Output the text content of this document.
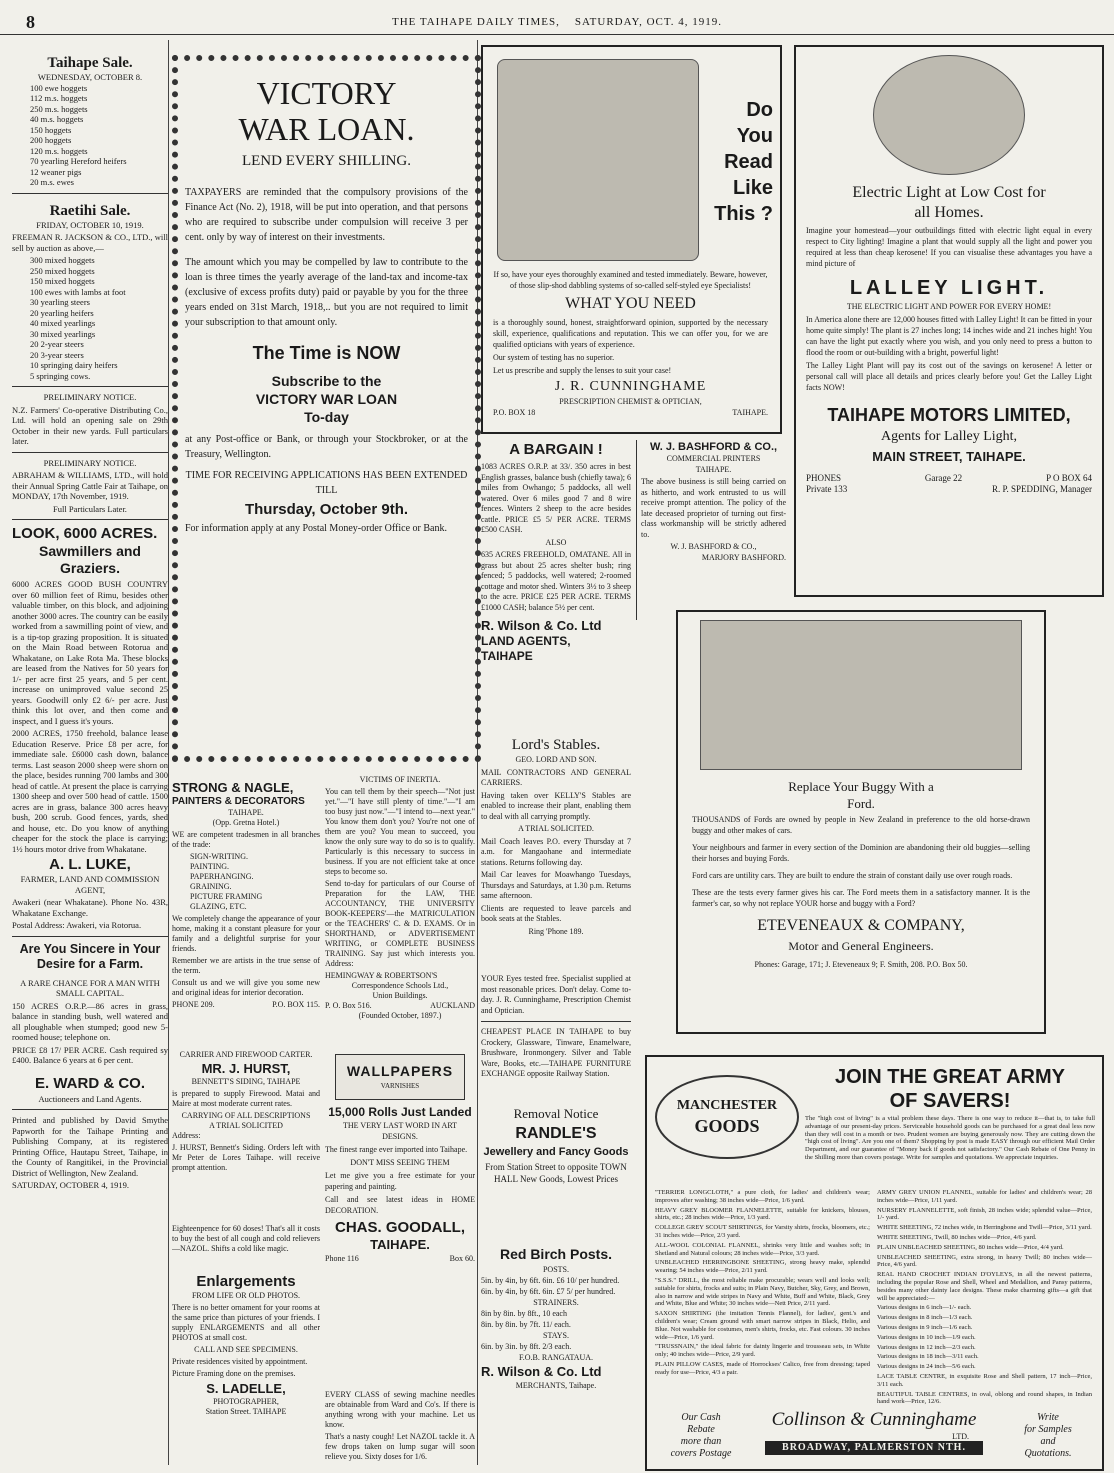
8	THE TAIHAPE DAILY TIMES, SATURDAY, OCT. 4, 1919.
Taihape Sale.
WEDNESDAY, OCTOBER 8.
100 ewe hoggets
112 m.s. hoggets
250 m.s. hoggets
40 m.s. hoggets
150 hoggets
200 hoggets
120 m.s. hoggets
70 yearling Hereford heifers
12 weaner pigs
20 m.s. ewes
Raetihi Sale.
FRIDAY, OCTOBER 10, 1919.

FREEMAN R. JACKSON & CO., LTD., will sell by auction as above,—

300 mixed hoggets
250 mixed hoggets
150 mixed hoggets
100 ewes with lambs at foot
30 yearling steers
20 yearling heifers
40 mixed yearlings
30 mixed yearlings
20 2-year steers
20 3-year steers
10 springing dairy heifers
5 springing cows.
PRELIMINARY NOTICE.

N.Z. Farmers' Co-operative Distributing Co., Ltd. will hold an opening sale on 29th October in their new yards. Full particulars later.

PRELIMINARY NOTICE.

ABRAHAM & WILLIAMS, LTD., will hold their Annual Spring Cattle Fair at Taihape, on MONDAY, 17th November, 1919.

Full Particulars Later.
LOOK, 6000 ACRES.
Sawmillers and Graziers.

6000 ACRES GOOD BUSH COUNTRY over 60 million feet of Rimu, besides other valuable timber, on this block, and adjoining another 3000 acres. The country can be easily worked from a sawmilling point of view, and is a tip-top grazing proposition. It is situated on the Main Road between Rotorua and Whakatane, on Lake Rota Ma. These blocks are leased from the Natives for 50 years for 1/- per acre first 25 years, and 5 per cent. increase on unimproved value second 25 years. Goodwill only £2 6/- per acre. Just think this lot over, and then come and inspect, and I guess it's yours.

2000 ACRES, 1750 freehold, balance lease Education Reserve. Price £8 per acre, for immediate sale. £6000 cash down, balance terms. Last season 2000 sheep were shorn on the place, besides running 700 lambs and 300 head of cattle. At present the place is carrying 1300 sheep and over 500 head of cattle. 1500 acres are in grass, balance 300 acres heavy bush, 200 scrub. Good fences, yards, shed and house, etc. Do you know of anything cheaper for the stock the place is carrying; 1½ hours motor drive from Whakatane.

A. L. LUKE,
FARMER, LAND AND COMMISSION AGENT,

Awakeri (near Whakatane). Phone No. 43R, Whakatane Exchange.

Postal Address: Awakeri, via Rotorua.

Are You Sincere in Your Desire for a Farm.
A RARE CHANCE FOR A MAN WITH SMALL CAPITAL.

150 ACRES O.R.P.—86 acres in grass, balance in standing bush, well watered and all ploughable when stumped; good new 5-roomed house; telephone on.

PRICE £8 17/ PER ACRE. Cash required sy £400. Balance 6 years at 6 per cent.

E. WARD & CO.
Auctioneers and Land Agents.

Printed and published by David Smythe Papworth for the Taihape Printing and Publishing Company, at its registered Printing Office, Hautapu Street, Taihape, in the County of Rangitikei, in the Provincial District of Wellington, New Zealand.

SATURDAY, OCTOBER 4, 1919.

VICTORY
WAR LOAN.
LEND EVERY SHILLING.

TAXPAYERS are reminded that the compulsory provisions of the Finance Act (No. 2), 1918, will be put into operation, and that persons who are required to subscribe under compulsion will receive 3 per cent. only by way of interest on their investments.

The amount which you may be compelled by law to contribute to the loan is three times the yearly average of the land-tax and income-tax (exclusive of excess profits duty) paid or payable by you for the three years ended on 31st March, 1918,.. but you are not required to limit your subscription to that amount only.

The Time is NOW
Subscribe to the
VICTORY WAR LOAN
To-day

at any Post-office or Bank, or through your Stockbroker, or at the Treasury, Wellington.

TIME FOR RECEIVING APPLICATIONS HAS BEEN EXTENDED TILL

Thursday, October 9th.

For information apply at any Postal Money-order Office or Bank.

STRONG & NAGLE,
PAINTERS & DECORATORS
TAIHAPE.
(Opp. Gretna Hotel.)

WE are competent tradesmen in all branches of the trade:

SIGN-WRITING.
PAINTING.
PAPERHANGING.
GRAINING.
PICTURE FRAMING
GLAZING, ETC.

We completely change the appearance of your home, making it a constant pleasure for your family and a delightful surprise for your friends.

Remember we are artists in the true sense of the term.

Consult us and we will give you some new and original ideas for interior decoration.

PHONE 209.	P.O. BOX 115.
VICTIMS OF INERTIA.

You can tell them by their speech—"Not just yet."—"I have still plenty of time."—"I am too busy just now."—"I intend to—next year." You know them don't you? You're not one of them are you? You mean to succeed, you know the only sure way to do so is to qualify. Particularly is this necessary to success in business. If you are not efficient take at once steps to become so.

Send to-day for particulars of our Course of Preparation for the LAW, THE ACCOUNTANCY, THE UNIVERSITY BOOK-KEEPERS'—the MATRICULATION or the TEACHERS' C. & D. EXAMS. Or in SHORTHAND, or ADVERTISEMENT WRITING, or COMPLETE BUSINESS TRAINING. Say just which interests you. Address:

HEMINGWAY & ROBERTSON'S
Correspondence Schools Ltd.,
Union Buildings.
P. O. Box 516.	AUCKLAND
(Founded October, 1897.)
CARRIER AND FIREWOOD CARTER.
MR. J. HURST,
BENNETT'S SIDING, TAIHAPE

is prepared to supply Firewood. Matai and Maire at most moderate current rates.

CARRYING OF ALL DESCRIPTIONS
A TRIAL SOLICITED
Address:

J. HURST, Bennett's Siding. Orders left with Mr Peter de Lores Taihape. will receive prompt attention.

Eighteenpence for 60 doses! That's all it costs to buy the best of all cough and cold relievers—NAZOL. Shifts a cold like magic.

Enlargements
FROM LIFE OR OLD PHOTOS.

There is no better ornament for your rooms at the same price than pictures of your friends. I supply ENLARGEMENTS and all other PHOTOS at small cost.

CALL AND SEE SPECIMENS.

Private residences visited by appointment.

Picture Framing done on the premises.

S. LADELLE,
PHOTOGRAPHER,
Station Street. TAIHAPE
WALLPAPERS
VARNISHES
15,000 Rolls Just Landed
THE VERY LAST WORD IN ART DESIGNS.

The finest range ever imported into Taihape.

DON'T MISS SEEING THEM

Let me give you a free estimate for your papering and painting.

Call and see latest ideas in HOME DECORATION.

CHAS. GOODALL,
TAIHAPE.
Phone 116	Box 60.

EVERY CLASS of sewing machine needles are obtainable from Ward and Co's. If there is anything wrong with your machine. Let us know.

That's a nasty cough! Let NAZOL tackle it. A few drops taken on lump sugar will soon relieve you. Sixty doses for 1/6.

Do
You
Read
Like This ?

If so, have your eyes thoroughly examined and tested immediately. Beware, however, of those slip-shod dabbling systems of so-called self-styled eye Specialists!

WHAT YOU NEED

is a thoroughly sound, honest, straightforward opinion, supported by the necessary skill, experience, qualifications and reputation. This we can offer you, for we are qualified opticians with years of experience.

Our system of testing has no superior.

Let us prescribe and supply the lenses to suit your case!

J. R. CUNNINGHAME
PRESCRIPTION CHEMIST & OPTICIAN,
P.O. BOX 18	TAIHAPE.
Electric Light at Low Cost for
all Homes.

Imagine your homestead—your outbuildings fitted with electric light equal in every respect to City lighting! Imagine a plant that would supply all the light and power you required at less than cheap kerosene! If you can visualise these advantages you have a mind picture of

LALLEY LIGHT.
THE ELECTRIC LIGHT AND POWER FOR EVERY HOME!

In America alone there are 12,000 houses fitted with Lalley Light! It can be fitted in your home quite simply! The plant is 27 inches long; 14 inches wide and 21 inches high! You can have the light put exactly where you wish, and you only need to press a button to flood the room or out-building with a bright, powerful light!

The Lalley Light Plant will pay its cost out of the savings on kerosene! A letter or personal call will place all details and prices clearly before you! Get the Lalley Light facts NOW!

TAIHAPE MOTORS LIMITED,
Agents for Lalley Light,
MAIN STREET, TAIHAPE.
PHONES	Garage 22	P O BOX 64
Private 133	R. P. SPEDDING, Manager
A BARGAIN !

1083 ACRES O.R.P. at 33/. 350 acres in best English grasses, balance bush (chiefly tawa); 6 miles from Owhango; 5 paddocks, all well watered. Over 6 miles good 7 and 8 wire fences. Winters 2 sheep to the acre besides cattle. PRICE £5 5/ PER ACRE. TERMS £500 CASH.

ALSO

635 ACRES FREEHOLD, OMATANE. All in grass but about 25 acres shelter bush; ring fenced; 5 paddocks, well watered; 2-roomed cottage and motor shed. Winters 3½ to 3 sheep to the acre. PRICE £25 PER ACRE. TERMS £1000 CASH; balance 5½ per cent.

R. Wilson & Co. Ltd
LAND AGENTS,
TAIHAPE
W. J. BASHFORD & CO.,
COMMERCIAL PRINTERS
TAIHAPE.

The above business is still being carried on as hitherto, and work entrusted to us will receive prompt attention. The policy of the late deceased proprietor of turning out first-class workmanship will be strictly adhered to.

W. J. BASHFORD & CO.,
MARJORY BASHFORD.
Replace Your Buggy With a
Ford.

THOUSANDS of Fords are owned by people in New Zealand in preference to the old horse-drawn buggy and other makes of cars.

Your neighbours and farmer in every section of the Dominion are abandoning their old buggies—selling their horses and buying Fords.

Ford cars are untility cars. They are built to endure the strain of constant daily use over rough roads.

These are the tests every farmer gives his car. The Ford meets them in a satisfactory manner. It is the farmer's car, so why not replace YOUR horse and buggy with a Ford?

ETEVENEAUX & COMPANY,
Motor and General Engineers.
Phones: Garage, 171; J. Eteveneaux 9; F. Smith, 208. P.O. Box 50.
Lord's Stables.
GEO. LORD AND SON.

MAIL CONTRACTORS AND GENERAL CARRIERS.

Having taken over KELLY'S Stables are enabled to increase their plant, enabling them to deal with all carrying promptly.

A TRIAL SOLICITED.

Mail Coach leaves P.O. every Thursday at 7 a.m. for Mangaohane and intermediate stations. Returns following day.

Mail Car leaves for Moawhango Tuesdays, Thursdays and Saturdays, at 1.30 p.m. Returns same afternoon.

Clients are requested to leave parcels and book seats at the Stables.

Ring 'Phone 189.

YOUR Eyes tested free. Specialist supplied at most reasonable prices. Don't delay. Come to-day. J. R. Cunninghame, Prescription Chemist and Optician.

CHEAPEST PLACE IN TAIHAPE to buy Crockery, Glassware, Tinware, Enamelware, Brushware, Ironmongery. Silver and Table Ware, Books, etc.—TAIHAPE FURNITURE EXCHANGE opposite Railway Station.

Removal Notice
RANDLE'S
Jewellery and Fancy Goods

From Station Street to opposite TOWN HALL New Goods, Lowest Prices

Red Birch Posts.
POSTS.
5in. by 4in, by 6ft. 6in. £6 10/ per hundred.
6in. by 4in, by 6ft. 6in. £7 5/ per hundred.
STRAINERS.
8in by 8in. by 8ft., 10 each
8in. by 8in. by 7ft. 11/ each.
STAYS.
6in. by 3in. by 8ft. 2/3 each.
F.O.B. RANGATAUA.
R. Wilson & Co. Ltd
MERCHANTS, Taihape.
MANCHESTER
GOODS
JOIN THE GREAT ARMY
OF SAVERS!

The "high cost of living" is a vital problem these days. There is one way to reduce it—that is, to take full advantage of our present-day prices. Serviceable household goods can be purchased for a great deal less now than they will cost in a month or two. Prudent women are buying generously now. They are cutting down the "high cost of living". Are you one of them? Shopping by post is made EASY through our efficient Mail Order Department, and our guarantee of "Money back if goods not satisfactory." Our Cash Rebate of One Penny in the Shilling more than covers postage. Write for samples and quotations. We appreciate inquiries.

"TERRIER LONGCLOTH," a pure cloth, for ladies' and children's wear; improves after washing; 38 inches wide—Price, 1/6 yard.
HEAVY GREY BLOOMER FLANNELETTE, suitable for knickers, blouses, shirts, etc.; 28 inches wide—Price, 1/3 yard.
COLLEGE GREY SCOUT SHIRTINGS, for Varsity shirts, frocks, bloomers, etc.; 31 inches wide—Price, 2/3 yard.
ALL-WOOL COLONIAL FLANNEL, shrinks very little and washes soft; in Shetland and Natural colours; 28 inches wide—Price, 3/3 yard.
UNBLEACHED HERRINGBONE SHEETING, strong heavy make, splendid wearing; 54 inches wide—Price, 2/11 yard.
"S.S.S." DRILL, the most reliable make procurable; wears well and looks well; suitable for shirts, frocks and suits; in Plain Navy, Butcher, Sky, Grey, and Brown, also in narrow and wide stripes in Navy and White, Buff and White, Black, Grey and White, Blue and White; 30 inches wide—Nett Price, 2/11 yard.
SAXON SHIRTING (the imitation Tennis Flannel), for ladies', gent.'s and children's wear; Cream ground with smart narrow stripes in Black, Helio, and Blue. Not washable for costumes, men's shirts, frocks, etc. Fast colours. 30 inches wide—Price, 1/6 yard.
"TRUSSNAIN," the ideal fabric for dainty lingerie and trousseau sets, in White only; 40 inches wide—Price, 2/9 yard.
PLAIN PILLOW CASES, made of Horrockses' Calico, free from dressing; taped ready for use—Price, 4/3 a pair.
ARMY GREY UNION FLANNEL, suitable for ladies' and children's wear; 28 inches wide—Price, 1/11 yard.
NURSERY FLANNELETTE, soft finish, 28 inches wide; splendid value—Price, 1/- yard.
WHITE SHEETING, 72 inches wide, in Herringbone and Twill—Price, 3/11 yard.
WHITE SHEETING, Twill, 80 inches wide—Price, 4/6 yard.
PLAIN UNBLEACHED SHEETING, 80 inches wide—Price, 4/4 yard.
UNBLEACHED SHEETING, extra strong, in heavy Twill; 80 inches wide—Price, 4/6 yard.
REAL HAND CROCHET INDIAN D'OYLEYS, in all the newest patterns, including the popular Rose and Shell, Wheel and Medallion, and Pansy patterns, besides many other dainty lace designs. These make charming gifts—a gift that will be appreciated:—
Various designs in 6 inch—1/- each.
Various designs in 8 inch—1/3 each.
Various designs in 9 inch—1/6 each.
Various designs in 10 inch—1/9 each.
Various designs in 12 inch—2/3 each.
Various designs in 18 inch—3/11 each.
Various designs in 24 inch—5/6 each.
LACE TABLE CENTRE, in exquisite Rose and Shell pattern, 17 inch—Price, 3/11 each.
BEAUTIFUL TABLE CENTRES, in oval, oblong and round shapes, in Indian hand work—Price, 12/6.
Our Cash
Rebate
more than
covers Postage
Collinson & Cunninghame
LTD.
BROADWAY, PALMERSTON NTH.
Write
for Samples
and
Quotations.
